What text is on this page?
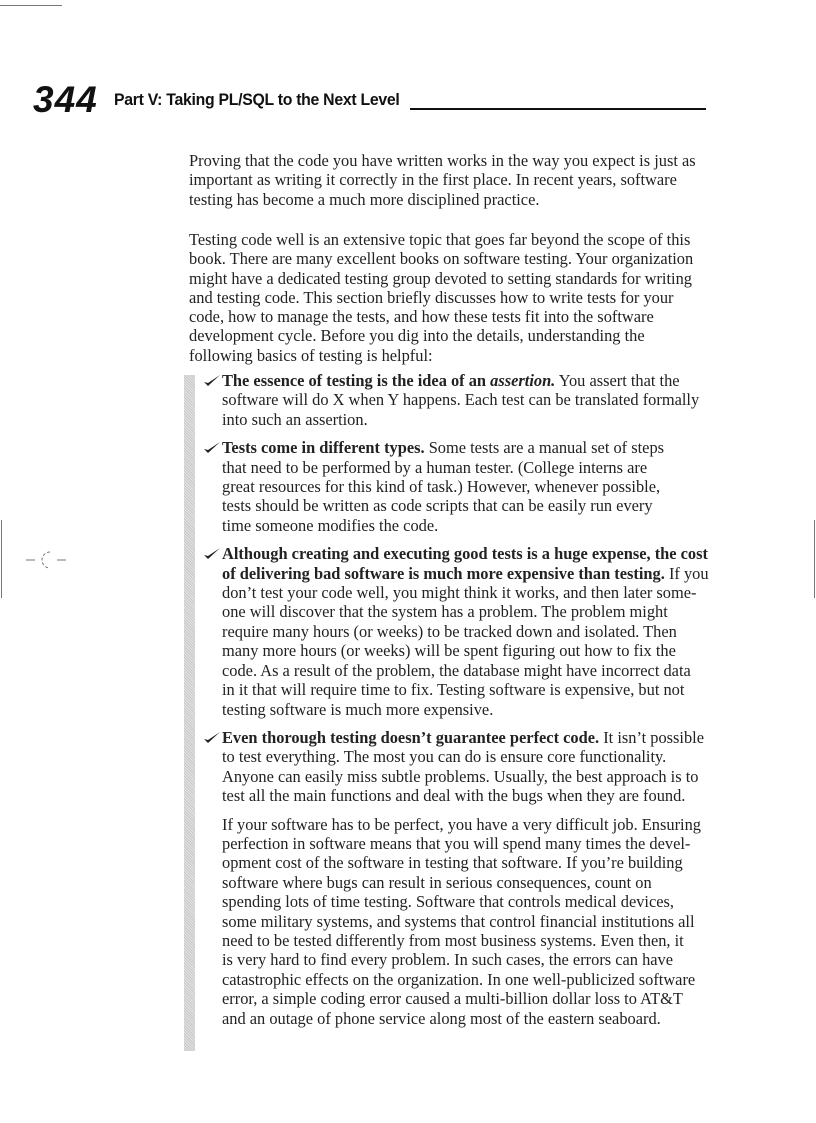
344 Part V: Taking PL/SQL to the Next Level
Proving that the code you have written works in the way you expect is just as
important as writing it correctly in the first place. In recent years, software
testing has become a much more disciplined practice.
Testing code well is an extensive topic that goes far beyond the scope of this
book. There are many excellent books on software testing. Your organization
might have a dedicated testing group devoted to setting standards for writing
and testing code. This section briefly discusses how to write tests for your
code, how to manage the tests, and how these tests fit into the software
development cycle. Before you dig into the details, understanding the
following basics of testing is helpful:
The essence of testing is the idea of an assertion. You assert that the
software will do X when Y happens. Each test can be translated formally
into such an assertion.
Tests come in different types. Some tests are a manual set of steps
that need to be performed by a human tester. (College interns are
great resources for this kind of task.) However, whenever possible,
tests should be written as code scripts that can be easily run every
time someone modifies the code.
Although creating and executing good tests is a huge expense, the cost
of delivering bad software is much more expensive than testing. If you
don’t test your code well, you might think it works, and then later some-
one will discover that the system has a problem. The problem might
require many hours (or weeks) to be tracked down and isolated. Then
many more hours (or weeks) will be spent figuring out how to fix the
code. As a result of the problem, the database might have incorrect data
in it that will require time to fix. Testing software is expensive, but not
testing software is much more expensive.
Even thorough testing doesn’t guarantee perfect code. It isn’t possible
to test everything. The most you can do is ensure core functionality.
Anyone can easily miss subtle problems. Usually, the best approach is to
test all the main functions and deal with the bugs when they are found.
If your software has to be perfect, you have a very difficult job. Ensuring
perfection in software means that you will spend many times the devel-
opment cost of the software in testing that software. If you’re building
software where bugs can result in serious consequences, count on
spending lots of time testing. Software that controls medical devices,
some military systems, and systems that control financial institutions all
need to be tested differently from most business systems. Even then, it
is very hard to find every problem. In such cases, the errors can have
catastrophic effects on the organization. In one well-publicized software
error, a simple coding error caused a multi-billion dollar loss to AT&T
and an outage of phone service along most of the eastern seaboard.
